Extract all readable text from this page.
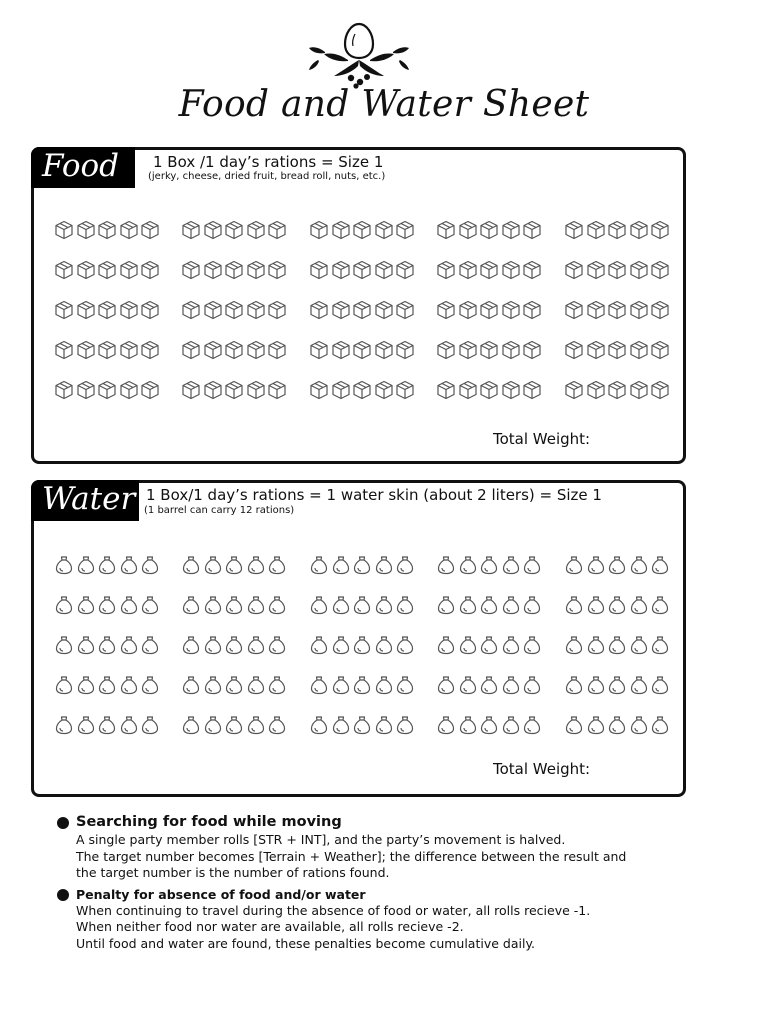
Food and Water Sheet
Food	1 Box /1 day’s rations = Size 1
(jerky, cheese, dried fruit, bread roll, nuts, etc.)
Total Weight:
Water 1 Box/1 day’s rations = 1 water skin (about 2 liters) = Size 1
(1 barrel can carry 12 rations)
Total Weight:

Searching for food while moving

A single party member rolls [STR + INT], and the party’s movement is halved.

The target number becomes [Terrain + Weather]; the difference between the result and

the target number is the number of rations found.

Penalty for absence of food and/or water

When continuing to travel during the absence of food or water, all rolls recieve -1.

When neither food nor water are available, all rolls recieve -2.

Until food and water are found, these penalties become cumulative daily.
